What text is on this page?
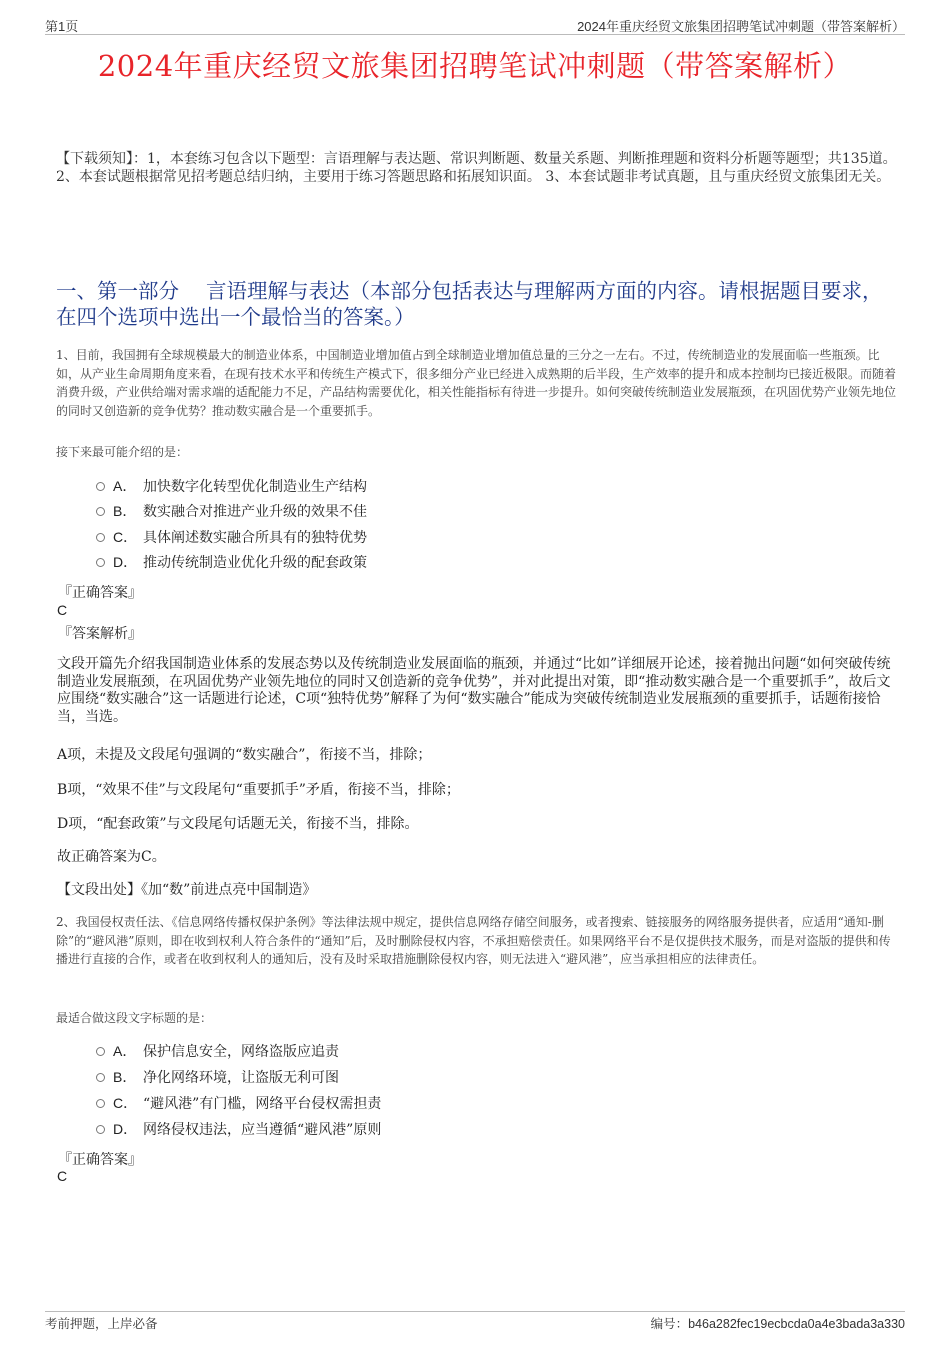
第1页	2024年重庆经贸文旅集团招聘笔试冲刺题（带答案解析）
2024年重庆经贸文旅集团招聘笔试冲刺题（带答案解析）
【下载须知】：1，本套练习包含以下题型：言语理解与表达题、常识判断题、数量关系题、判断推理题和资料分析题等题型；共135道。 2、本套试题根据常见招考题总结归纳，主要用于练习答题思路和拓展知识面。 3、本套试题非考试真题，且与重庆经贸文旅集团无关。
一、第一部分　 言语理解与表达（本部分包括表达与理解两方面的内容。请根据题目要求，在四个选项中选出一个最恰当的答案。）
1、目前，我国拥有全球规模最大的制造业体系，中国制造业增加值占到全球制造业增加值总量的三分之一左右。不过，传统制造业的发展面临一些瓶颈。比如，从产业生命周期角度来看，在现有技术水平和传统生产模式下，很多细分产业已经进入成熟期的后半段，生产效率的提升和成本控制均已接近极限。而随着消费升级，产业供给端对需求端的适配能力不足，产品结构需要优化，相关性能指标有待进一步提升。如何突破传统制造业发展瓶颈，在巩固优势产业领先地位的同时又创造新的竞争优势？推动数实融合是一个重要抓手。
接下来最可能介绍的是：
A． 加快数字化转型优化制造业生产结构
B． 数实融合对推进产业升级的效果不佳
C． 具体阐述数实融合所具有的独特优势
D． 推动传统制造业优化升级的配套政策
『正确答案』
C
『答案解析』
文段开篇先介绍我国制造业体系的发展态势以及传统制造业发展面临的瓶颈，并通过“比如”详细展开论述，接着抛出问题“如何突破传统制造业发展瓶颈，在巩固优势产业领先地位的同时又创造新的竞争优势”，并对此提出对策，即“推动数实融合是一个重要抓手”，故后文应围绕“数实融合”这一话题进行论述，C项“独特优势”解释了为何“数实融合”能成为突破传统制造业发展瓶颈的重要抓手，话题衔接恰当，当选。
A项，未提及文段尾句强调的“数实融合”，衔接不当，排除；
B项，“效果不佳”与文段尾句“重要抓手”矛盾，衔接不当，排除；
D项，“配套政策”与文段尾句话题无关，衔接不当，排除。
故正确答案为C。
【文段出处】《加“数”前进点亮中国制造》
2、我国侵权责任法、《信息网络传播权保护条例》等法律法规中规定，提供信息网络存储空间服务，或者搜索、链接服务的网络服务提供者，应适用“通知-删除”的“避风港”原则，即在收到权利人符合条件的“通知”后，及时删除侵权内容，不承担赔偿责任。如果网络平台不是仅提供技术服务，而是对盗版的提供和传播进行直接的合作，或者在收到权利人的通知后，没有及时采取措施删除侵权内容，则无法进入“避风港”，应当承担相应的法律责任。
最适合做这段文字标题的是：
A． 保护信息安全，网络盗版应追责
B． 净化网络环境，让盗版无利可图
C． “避风港”有门槛，网络平台侵权需担责
D． 网络侵权违法，应当遵循“避风港”原则
『正确答案』
C
考前押题，上岸必备	编号：b46a282fec19ecbcda0a4e3bada3a330
